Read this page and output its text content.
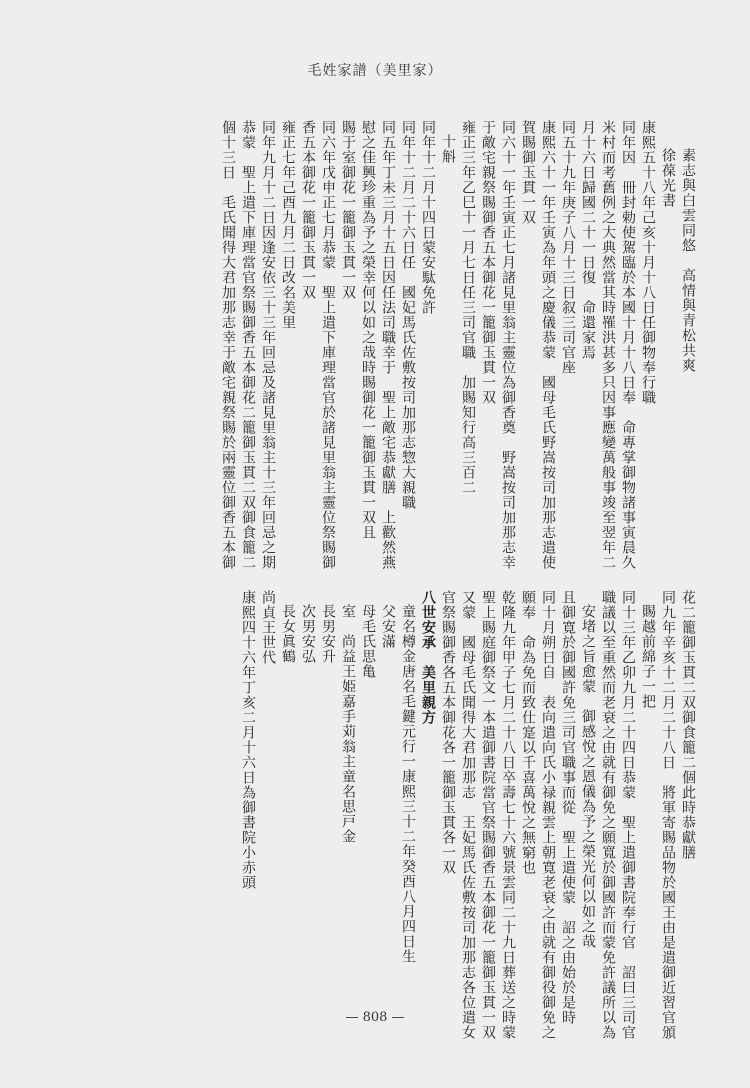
毛姓家譜（美里家）
素志與白雲同悠　高情與青松共爽
徐葆光書
康熙五十八年己亥十月十八日任御物奉行職
同年因　冊封勅使駕臨於本國十月十八日奉　命專掌御物諸事寅晨久
米村而考舊例之大典然當其時罹洪甚多只因事應變萬般事竣至翌年二
月十六日歸國二十一日復　命還家焉
同五十九年庚子八月十三日叙三司官座
康熙六十一年壬寅為年頭之慶儀恭蒙　國母毛氏野嵩按司加那志遣使
賀賜御玉貫一双
同六十一年壬寅正七月諸見里翁主靈位為御香奠　野嵩按司加那志幸
于敵宅親祭賜御香五本御花一籠御玉貫一双
雍正三年乙巳十一月七日任三司官職　加賜知行高三百二
十斛
同年十二月十四日蒙安駄免許
同年十二月二十六日任　國妃馬氏佐敷按司加那志惣大親職
同五年丁未三月十五日因任法司職幸于　聖上敵宅恭獻膳　上歡然燕
慰之佳興珍重為予之榮幸何以如之哉時賜御花一籠御玉貫一双且
賜于室御花一籠御玉貫一双
同六年戊申正七月恭蒙　聖上遣下庫理當官於諸見里翁主靈位祭賜御
香五本御花一籠御玉貫一双
雍正七年己酉九月二日改名美里
同年九月十二日因逢安依三十三年回忌及諸見里翁主十三年回忌之期
恭蒙　聖上遣下庫理當官祭賜御香五本御花二籠御玉貫二双御食籠二
個十三日　毛氏聞得大君加那志幸于敵宅親祭賜於兩靈位御香五本御
花二籠御玉貫二双御食籠二個此時恭獻膳
同九年辛亥十二月二十八日　將軍寄賜品物於國王由是遣御近習官頒
賜越前綿子一把
同十三年乙卯九月二十四日恭蒙　聖上遣御書院奉行官　詔曰三司官
職議以至重然而老衰之由就有御免之願寬於御國許而蒙免許議所以為
安堵之旨愈蒙　御感悅之恩儀為予之榮光何以如之哉
且御寛於御國許免三司官職事而從　聖上遣使蒙　詔之由始於是時
同十月朔日自　表向遣向氏小禄親雲上朝寛老衰之由就有御役御免之
願奉　命為免而致仕寔以千喜萬悅之無窮也
乾隆九年甲子七月二十八日卒壽七十六號景雲同二十九日葬送之時蒙
聖上賜庭御祭文一本遣御書院當官祭賜御香五本御花一籠御玉貫一双
又蒙　國母毛氏聞得大君加那志　王妃馬氏佐敷按司加那志各位遣女
官祭賜御香各五本御花各一籠御玉貫各一双
八世安承　美里親方
童名樽金唐名毛鍵元行一康熙三十二年癸酉八月四日生
父安滿
母毛氏思亀
室　尚益王姫嘉手苅翁主童名思戸金
長男安升
次男安弘
長女眞鶴
尚貞王世代
康熙四十六年丁亥二月十六日為御書院小赤頭
— 808 —
